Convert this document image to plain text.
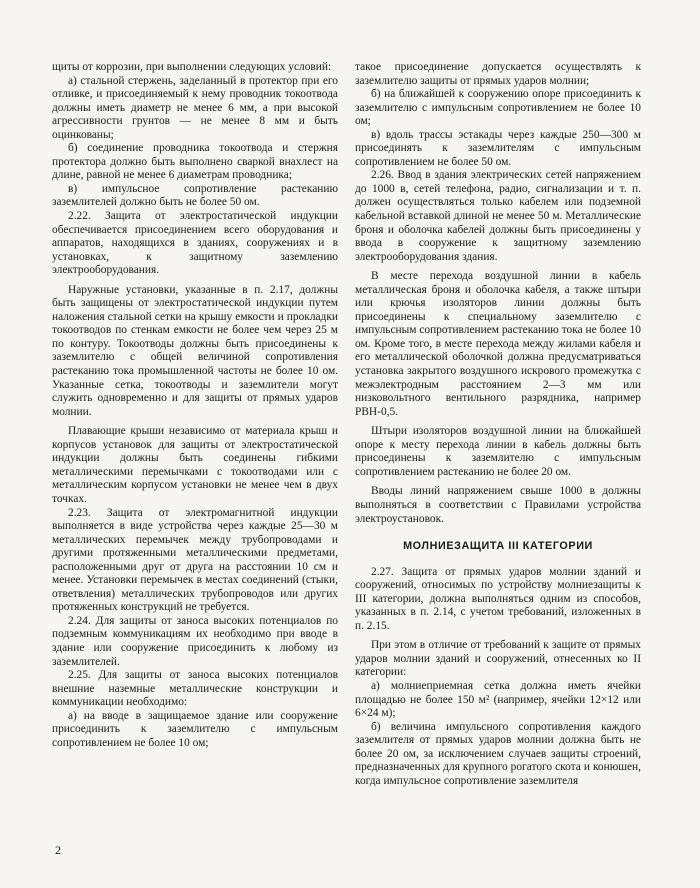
щиты от коррозии, при выполнении следующих условий:

а) стальной стержень, заделанный в протектор при его отливке, и присоединяемый к нему проводник токоотвода должны иметь диаметр не менее 6 мм, а при высокой агрессивности грунтов — не менее 8 мм и быть оцинкованы;

б) соединение проводника токоотвода и стержня протектора должно быть выполнено сваркой внахлест на длине, равной не менее 6 диаметрам проводника;

в) импульсное сопротивление растеканию заземлителей должно быть не более 50 ом.

2.22. Защита от электростатической индукции обеспечивается присоединением всего оборудования и аппаратов, находящихся в зданиях, сооружениях и в установках, к защитному заземлению электрооборудования.

Наружные установки, указанные в п. 2.17, должны быть защищены от электростатической индукции путем наложения стальной сетки на крышу емкости и прокладки токоотводов по стенкам емкости не более чем через 25 м по контуру. Токоотводы должны быть присоединены к заземлителю с общей величиной сопротивления растеканию тока промышленной частоты не более 10 ом. Указанные сетка, токоотводы и заземлители могут служить одновременно и для защиты от прямых ударов молнии.

Плавающие крыши независимо от материала крыш и корпусов установок для защиты от электростатической индукции должны быть соединены гибкими металлическими перемычками с токоотводами или с металлическим корпусом установки не менее чем в двух точках.

2.23. Защита от электромагнитной индукции выполняется в виде устройства через каждые 25—30 м металлических перемычек между трубопроводами и другими протяженными металлическими предметами, расположенными друг от друга на расстоянии 10 см и менее. Установки перемычек в местах соединений (стыки, ответвления) металлических трубопроводов или других протяженных конструкций не требуется.

2.24. Для защиты от заноса высоких потенциалов по подземным коммуникациям их необходимо при вводе в здание или сооружение присоединить к любому из заземлителей.

2.25. Для защиты от заноса высоких потенциалов внешние наземные металлические конструкции и коммуникации необходимо:

а) на вводе в защищаемое здание или сооружение присоединить к заземлителю с импульсным сопротивлением не более 10 ом;

такое присоединение допускается осуществлять к заземлителю защиты от прямых ударов молнии;

б) на ближайшей к сооружению опоре присоединить к заземлителю с импульсным сопротивлением не более 10 ом;

в) вдоль трассы эстакады через каждые 250—300 м присоединять к заземлителям с импульсным сопротивлением не более 50 ом.

2.26. Ввод в здания электрических сетей напряжением до 1000 в, сетей телефона, радио, сигнализации и т. п. должен осуществляться только кабелем или подземной кабельной вставкой длиной не менее 50 м. Металлические броня и оболочка кабелей должны быть присоединены у ввода в сооружение к защитному заземлению электрооборудования здания.

В месте перехода воздушной линии в кабель металлическая броня и оболочка кабеля, а также штыри или крючья изоляторов линии должны быть присоединены к специальному заземлителю с импульсным сопротивлением растеканию тока не более 10 ом. Кроме того, в месте перехода между жилами кабеля и его металлической оболочкой должна предусматриваться установка закрытого воздушного искрового промежутка с межэлектродным расстоянием 2—3 мм или низковольтного вентильного разрядника, например РВН-0,5.

Штыри изоляторов воздушной линии на ближайшей опоре к месту перехода линии в кабель должны быть присоединены к заземлителю с импульсным сопротивлением растеканию не более 20 ом.

Вводы линий напряжением свыше 1000 в должны выполняться в соответствии с Правилами устройства электроустановок.

МОЛНИЕЗАЩИТА III КАТЕГОРИИ

2.27. Защита от прямых ударов молнии зданий и сооружений, относимых по устройству молниезащиты к III категории, должна выполняться одним из способов, указанных в п. 2.14, с учетом требований, изложенных в п. 2.15.

При этом в отличие от требований к защите от прямых ударов молнии зданий и сооружений, отнесенных ко II категории:

а) молниеприемная сетка должна иметь ячейки площадью не более 150 м² (например, ячейки 12×12 или 6×24 м);

б) величина импульсного сопротивления каждого заземлителя от прямых ударов молнии должна быть не более 20 ом, за исключением случаев защиты строений, предназначенных для крупного рогатого скота и конюшен, когда импульсное сопротивление заземлителя

2
